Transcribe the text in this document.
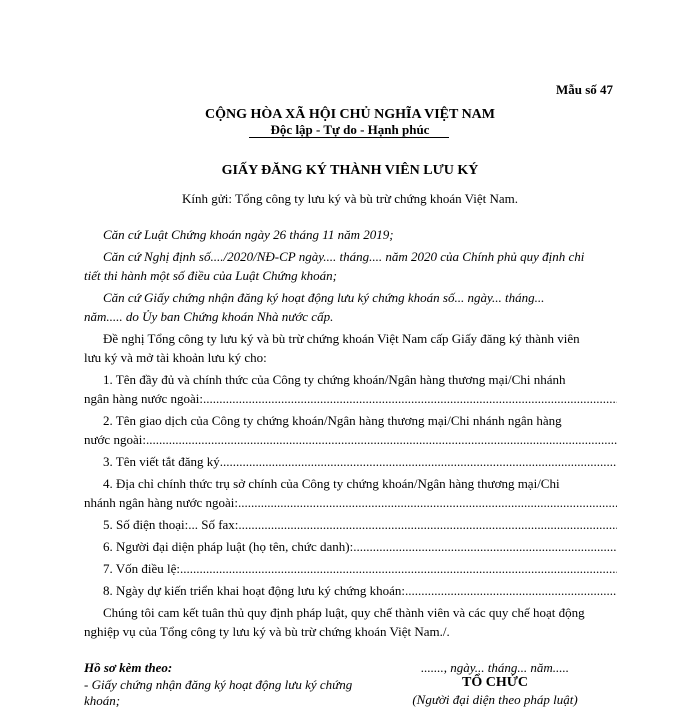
Mẫu số 47
CỘNG HÒA XÃ HỘI CHỦ NGHĨA VIỆT NAM
Độc lập - Tự do - Hạnh phúc
GIẤY ĐĂNG KÝ THÀNH VIÊN LƯU KÝ
Kính gửi: Tổng công ty lưu ký và bù trừ chứng khoán Việt Nam.
Căn cứ Luật Chứng khoán ngày 26 tháng 11 năm 2019;
Căn cứ Nghị định số..../2020/NĐ-CP ngày.... tháng.... năm 2020 của Chính phủ quy định chi
tiết thi hành một số điều của Luật Chứng khoán;
Căn cứ Giấy chứng nhận đăng ký hoạt động lưu ký chứng khoán số... ngày... tháng...
năm..... do Ủy ban Chứng khoán Nhà nước cấp.
Đề nghị Tổng công ty lưu ký và bù trừ chứng khoán Việt Nam cấp Giấy đăng ký thành viên
lưu ký và mở tài khoản lưu ký cho:
1. Tên đầy đủ và chính thức của Công ty chứng khoán/Ngân hàng thương mại/Chi nhánh
ngân hàng nước ngoài:
.....
2. Tên giao dịch của Công ty chứng khoán/Ngân hàng thương mại/Chi nhánh ngân hàng
nước ngoài:
.....
3. Tên viết tắt đăng ký
.....
4. Địa chỉ chính thức trụ sở chính của Công ty chứng khoán/Ngân hàng thương mại/Chi
nhánh ngân hàng nước ngoài:
.....
5. Số điện thoại:... Số fax:
.....
6. Người đại diện pháp luật (họ tên, chức danh):
.....
7. Vốn điều lệ:
.....
8. Ngày dự kiến triển khai hoạt động lưu ký chứng khoán:
.....
Chúng tôi cam kết tuân thủ quy định pháp luật, quy chế thành viên và các quy chế hoạt động
nghiệp vụ của Tổng công ty lưu ký và bù trừ chứng khoán Việt Nam./.
Hồ sơ kèm theo:
- Giấy chứng nhận đăng ký hoạt động lưu ký chứng
khoán;
......., ngày... tháng... năm.....
TỔ CHỨC
(Người đại diện theo pháp luật)
